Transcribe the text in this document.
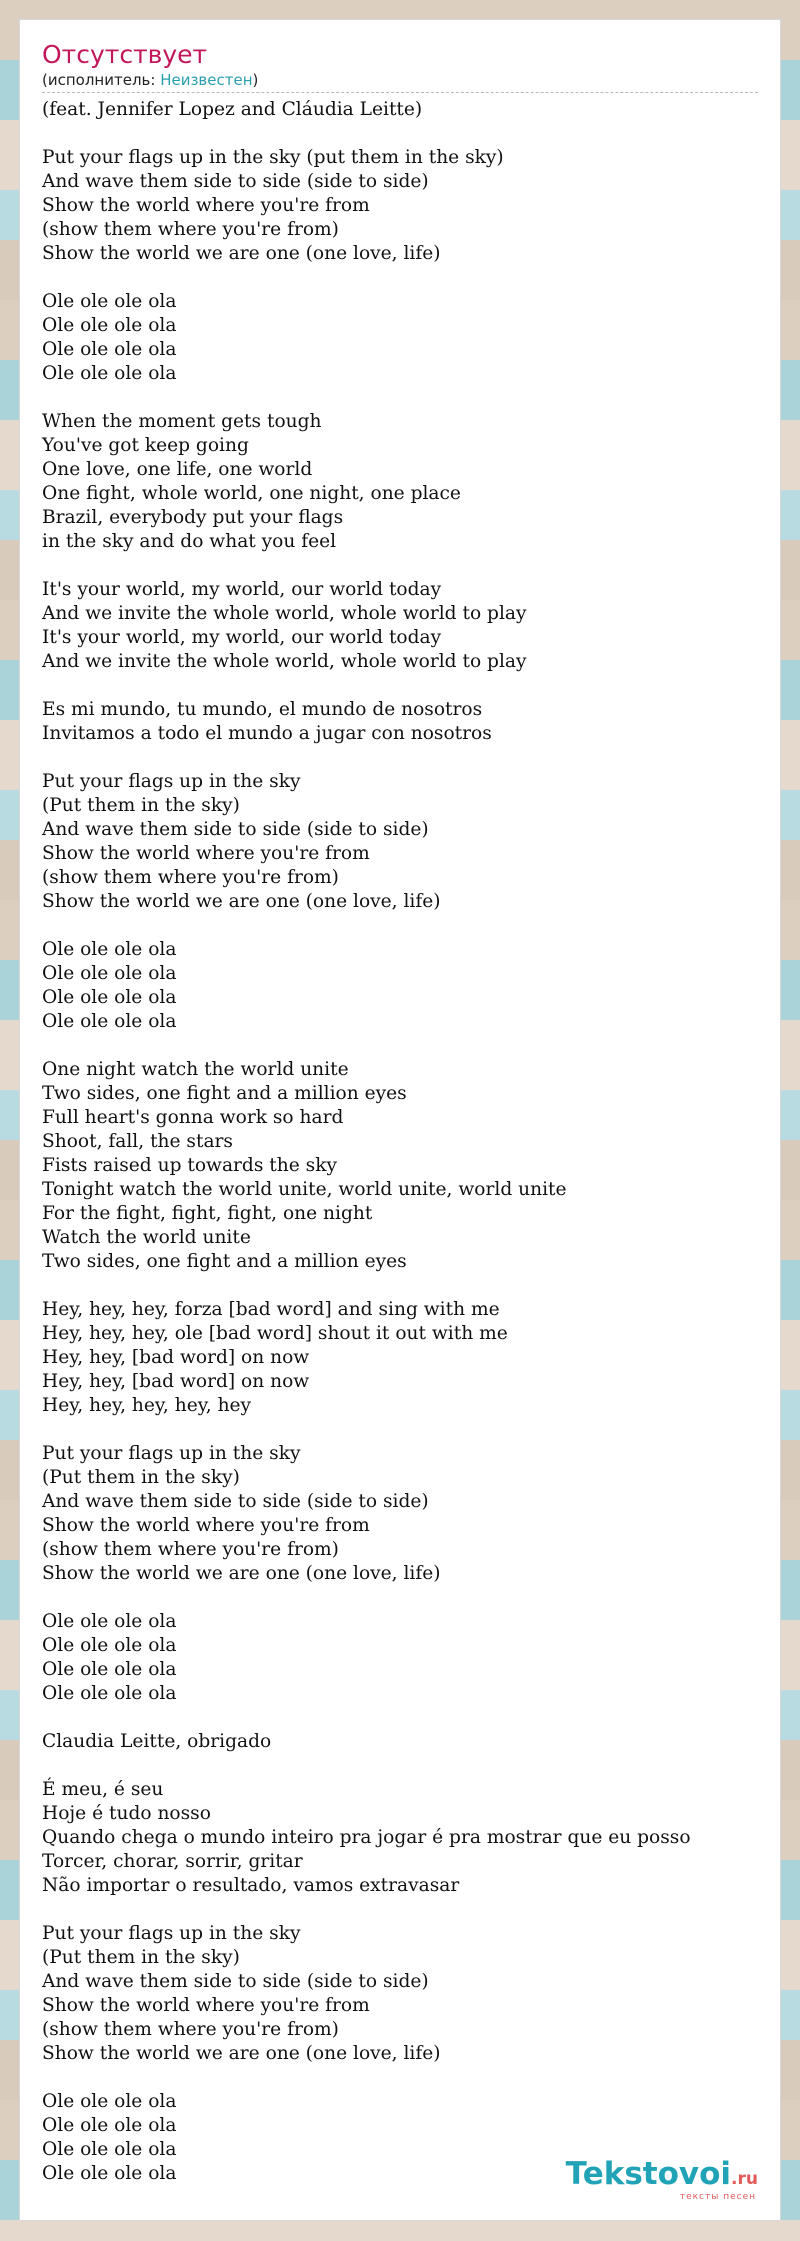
Отсутствует
(исполнитель: Неизвестен)
(feat. Jennifer Lopez and Cláudia Leitte)
Put your flags up in the sky (put them in the sky)
And wave them side to side (side to side)
Show the world where you're from
(show them where you're from)
Show the world we are one (one love, life)
Ole ole ole ola
Ole ole ole ola
Ole ole ole ola
Ole ole ole ola
When the moment gets tough
You've got keep going
One love, one life, one world
One fight, whole world, one night, one place
Brazil, everybody put your flags
in the sky and do what you feel
It's your world, my world, our world today
And we invite the whole world, whole world to play
It's your world, my world, our world today
And we invite the whole world, whole world to play
Es mi mundo, tu mundo, el mundo de nosotros
Invitamos a todo el mundo a jugar con nosotros
Put your flags up in the sky
(Put them in the sky)
And wave them side to side (side to side)
Show the world where you're from
(show them where you're from)
Show the world we are one (one love, life)
Ole ole ole ola
Ole ole ole ola
Ole ole ole ola
Ole ole ole ola
One night watch the world unite
Two sides, one fight and a million eyes
Full heart's gonna work so hard
Shoot, fall, the stars
Fists raised up towards the sky
Tonight watch the world unite, world unite, world unite
For the fight, fight, fight, one night
Watch the world unite
Two sides, one fight and a million eyes
Hey, hey, hey, forza [bad word] and sing with me
Hey, hey, hey, ole [bad word] shout it out with me
Hey, hey, [bad word] on now
Hey, hey, [bad word] on now
Hey, hey, hey, hey, hey
Put your flags up in the sky
(Put them in the sky)
And wave them side to side (side to side)
Show the world where you're from
(show them where you're from)
Show the world we are one (one love, life)
Ole ole ole ola
Ole ole ole ola
Ole ole ole ola
Ole ole ole ola
Claudia Leitte, obrigado
É meu, é seu
Hoje é tudo nosso
Quando chega o mundo inteiro pra jogar é pra mostrar que eu posso
Torcer, chorar, sorrir, gritar
Não importar o resultado, vamos extravasar
Put your flags up in the sky
(Put them in the sky)
And wave them side to side (side to side)
Show the world where you're from
(show them where you're from)
Show the world we are one (one love, life)
Ole ole ole ola
Ole ole ole ola
Ole ole ole ola
Ole ole ole ola	Tekstovoi.ru
тексты песен
